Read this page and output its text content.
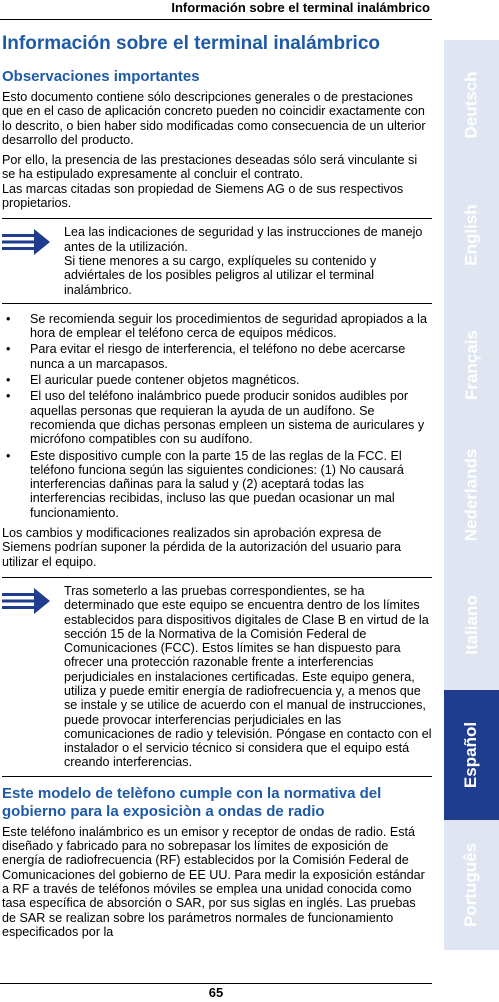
Información sobre el terminal inalámbrico
Información sobre el terminal inalámbrico
Observaciones importantes

Esto documento contiene sólo descripciones generales o de prestaciones que en el caso de aplicación concreto pueden no coincidir exactamente con lo descrito, o bien haber sido modificadas como consecuencia de un ulterior desarrollo del producto.

Por ello, la presencia de las prestaciones deseadas sólo será vinculante si se ha estipulado expresamente al concluir el contrato.
Las marcas citadas son propiedad de Siemens AG o de sus respectivos propietarios.

Lea las indicaciones de seguridad y las instrucciones de manejo antes de la utilización.
Si tiene menores a su cargo, explíqueles su contenido y adviértales de los posibles peligros al utilizar el terminal inalámbrico.
• Se recomienda seguir los procedimientos de seguridad apropiados a la hora de emplear el teléfono cerca de equipos médicos.
• Para evitar el riesgo de interferencia, el teléfono no debe acercarse nunca a un marcapasos.
• El auricular puede contener objetos magnéticos.
• El uso del teléfono inalámbrico puede producir sonidos audibles por aquellas personas que requieran la ayuda de un audífono. Se recomienda que dichas personas empleen un sistema de auriculares y micrófono compatibles con su audífono.
• Este dispositivo cumple con la parte 15 de las reglas de la FCC. El teléfono funciona según las siguientes condiciones: (1) No causará interferencias dañinas para la salud y (2) aceptará todas las interferencias recibidas, incluso las que puedan ocasionar un mal funcionamiento.

Los cambios y modificaciones realizados sin aprobación expresa de Siemens podrían suponer la pérdida de la autorización del usuario para utilizar el equipo.

Tras someterlo a las pruebas correspondientes, se ha determinado que este equipo se encuentra dentro de los límites establecidos para dispositivos digitales de Clase B en virtud de la sección 15 de la Normativa de la Comisión Federal de Comunicaciones (FCC). Estos límites se han dispuesto para ofrecer una protección razonable frente a interferencias perjudiciales en instalaciones certificadas. Este equipo genera, utiliza y puede emitir energía de radiofrecuencia y, a menos que se instale y se utilice de acuerdo con el manual de instrucciones, puede provocar interferencias perjudiciales en las comunicaciones de radio y televisión. Póngase en contacto con el instalador o el servicio técnico si considera que el equipo está creando interferencias.
Este modelo de telèfono cumple con la normativa del gobierno para la exposiciòn a ondas de radio

Este teléfono inalámbrico es un emisor y receptor de ondas de radio. Está diseñado y fabricado para no sobrepasar los límites de exposición de energía de radiofrecuencia (RF) establecidos por la Comisión Federal de Comunicaciones del gobierno de EE UU. Para medir la exposición estándar a RF a través de teléfonos móviles se emplea una unidad conocida como tasa específica de absorción o SAR, por sus siglas en inglés. Las pruebas de SAR se realizan sobre los parámetros normales de funcionamiento especificados por la

Deutsch
English
Français
Nederlands
Italiano
Español
Português
65
